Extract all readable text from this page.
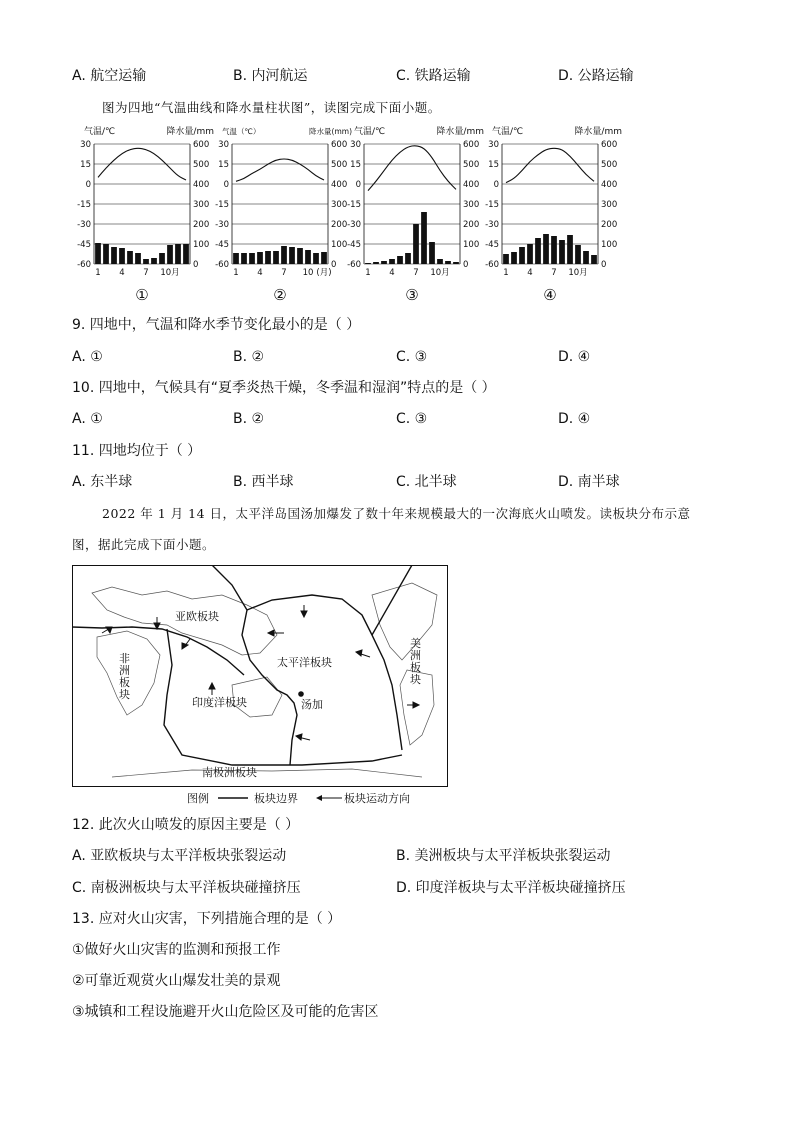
A. 航空运输	B. 内河航运	C. 铁路运输	D. 公路运输
图为四地“气温曲线和降水量柱状图”，读图完成下面小题。
气温/℃	降水量/mm
30	600
15	500
0	400
-15	300
-30	200
-45	100
-60	0
1 4 7 10月
①
气温（℃）	降水量(mm)
30	600
15	500
0	400
-15	300
-30	200
-45	100
-60	0
1 4 7 10 (月)
②
气温/℃	降水量/mm
30	600
15	500
0	400
-15	300
-30	200
-45	100
-60	0
1 4 7 10月
③
气温/℃	降水量/mm
30	600
15	500
0	400
-15	300
-30	200
-45	100
-60	0
1 4 7 10月
④
9. 四地中，气温和降水季节变化最小的是（ ）
A. ①	B. ②	C. ③	D. ④
10. 四地中，气候具有“夏季炎热干燥，冬季温和湿润”特点的是（ ）
A. ①	B. ②	C. ③	D. ④
11. 四地均位于（ ）
A. 东半球	B. 西半球	C. 北半球	D. 南半球
2022 年 1 月 14 日，太平洋岛国汤加爆发了数十年来规模最大的一次海底火山喷发。读板块分布示意
图，据此完成下面小题。
亚欧板块
太平洋板块
印度洋板块
南极洲板块
非
洲
板
块
美
洲
板
块
汤加
图例	板块边界	板块运动方向
12. 此次火山喷发的原因主要是（ ）
A. 亚欧板块与太平洋板块张裂运动	B. 美洲板块与太平洋板块张裂运动
C. 南极洲板块与太平洋板块碰撞挤压	D. 印度洋板块与太平洋板块碰撞挤压
13. 应对火山灾害，下列措施合理的是（ ）
①做好火山灾害的监测和预报工作
②可靠近观赏火山爆发壮美的景观
③城镇和工程设施避开火山危险区及可能的危害区
